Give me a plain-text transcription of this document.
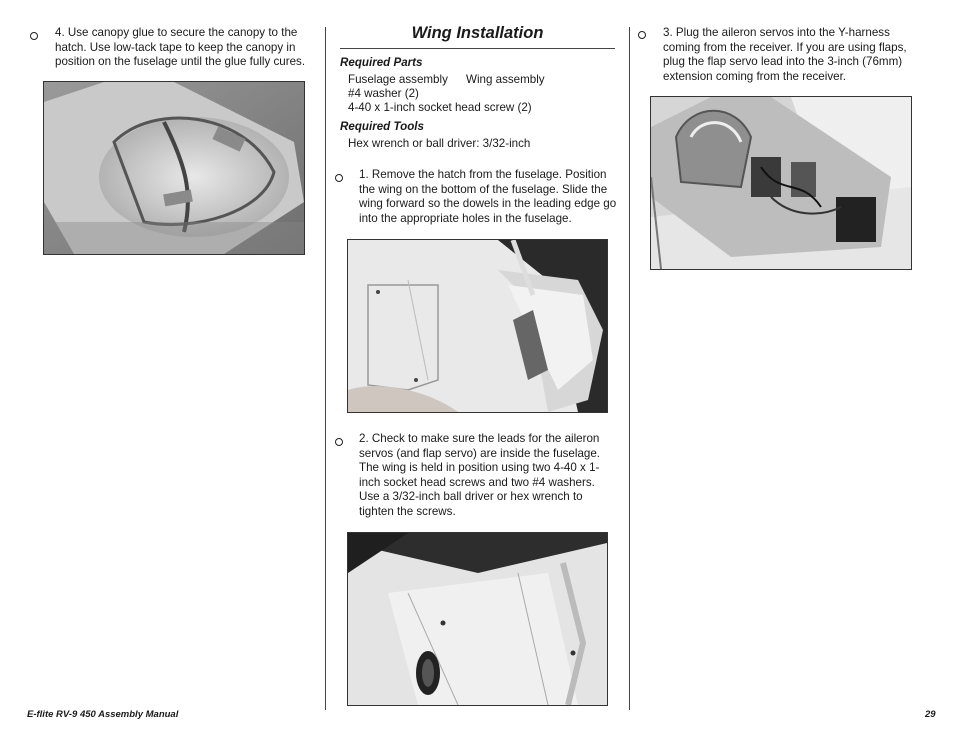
4. Use canopy glue to secure the canopy to the hatch. Use low-tack tape to keep the canopy in position on the fuselage until the glue fully cures.
Wing Installation
Required Parts
Fuselage assembly Wing assembly
#4 washer (2)
4-40 x 1-inch socket head screw (2)
Required Tools
Hex wrench or ball driver: 3/32-inch
1. Remove the hatch from the fuselage. Position the wing on the bottom of the fuselage. Slide the wing forward so the dowels in the leading edge go into the appropriate holes in the fuselage.
2. Check to make sure the leads for the aileron servos (and flap servo) are inside the fuselage. The wing is held in position using two 4-40 x 1-inch socket head screws and two #4 washers. Use a 3/32-inch ball driver or hex wrench to tighten the screws.
3. Plug the aileron servos into the Y-harness coming from the receiver. If you are using flaps, plug the flap servo lead into the 3-inch (76mm) extension coming from the receiver.
E-flite RV-9 450 Assembly Manual	29
